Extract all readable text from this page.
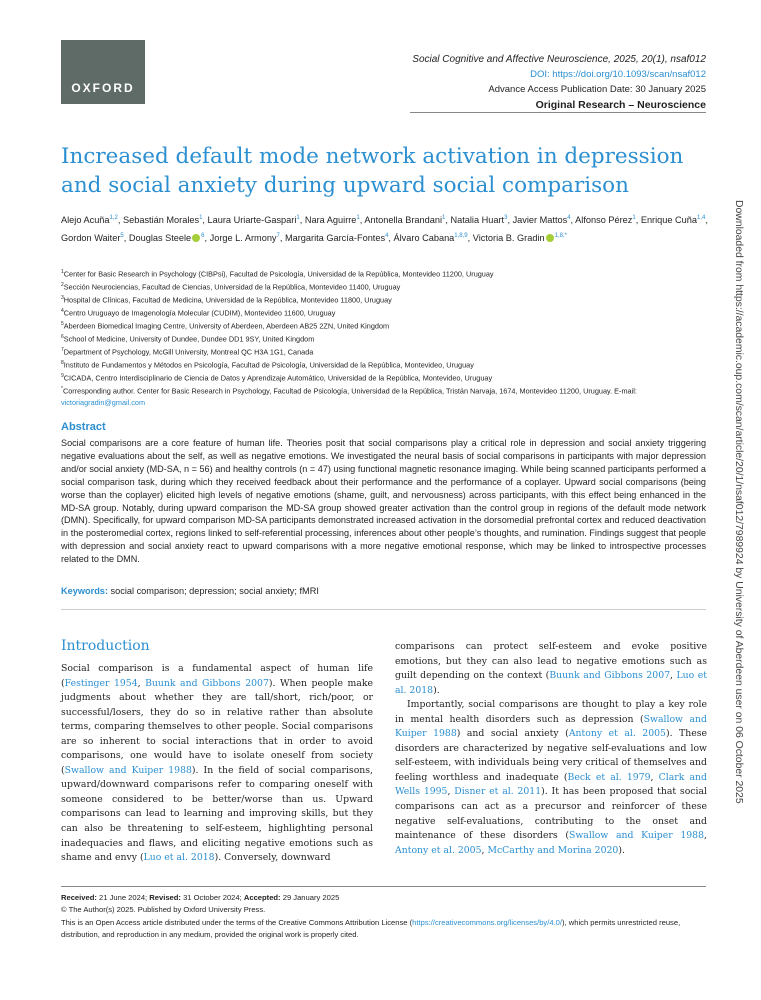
OXFORD
Social Cognitive and Affective Neuroscience, 2025, 20(1), nsaf012
DOI: https://doi.org/10.1093/scan/nsaf012
Advance Access Publication Date: 30 January 2025
Original Research – Neuroscience
Increased default mode network activation in depression and social anxiety during upward social comparison
Alejo Acuña$^{1,2}$, Sebastián Morales$^1$, Laura Uriarte-Gaspari$^1$, Nara Aguirre$^1$, Antonella Brandani$^1$, Natalia Huart$^3$, Javier Mattos$^4$, Alfonso Pérez$^1$, Enrique Cuña$^{1,4}$, Gordon Waiter$^5$, Douglas Steele $^6$, Jorge L. Armony$^7$, Margarita García-Fontes$^4$, Álvaro Cabana$^{1,8,9}$, Victoria B. Gradin $^{1,8,*}$
$^1$Center for Basic Research in Psychology (CIBPsi), Facultad de Psicología, Universidad de la República, Montevideo 11200, Uruguay
$^2$Sección Neurociencias, Facultad de Ciencias, Universidad de la República, Montevideo 11400, Uruguay
$^3$Hospital de Clínicas, Facultad de Medicina, Universidad de la República, Montevideo 11800, Uruguay
$^4$Centro Uruguayo de Imagenología Molecular (CUDIM), Montevideo 11600, Uruguay
$^5$Aberdeen Biomedical Imaging Centre, University of Aberdeen, Aberdeen AB25 2ZN, United Kingdom
$^6$School of Medicine, University of Dundee, Dundee DD1 9SY, United Kingdom
$^7$Department of Psychology, McGill University, Montreal QC H3A 1G1, Canada
$^8$Instituto de Fundamentos y Métodos en Psicología, Facultad de Psicología, Universidad de la República, Montevideo, Uruguay
$^9$CICADA, Centro Interdisciplinario de Ciencia de Datos y Aprendizaje Automático, Universidad de la República, Montevideo, Uruguay
*Corresponding author. Center for Basic Research in Psychology, Facultad de Psicología, Universidad de la República, Tristán Narvaja, 1674, Montevideo 11200, Uruguay. E-mail: victoriagradin@gmail.com
Abstract

Social comparisons are a core feature of human life. Theories posit that social comparisons play a critical role in depression and social anxiety triggering negative evaluations about the self, as well as negative emotions. We investigated the neural basis of social comparisons in participants with major depression and/or social anxiety (MD-SA, n = 56) and healthy controls (n = 47) using functional magnetic resonance imaging. While being scanned participants performed a social comparison task, during which they received feedback about their performance and the performance of a coplayer. Upward social comparisons (being worse than the coplayer) elicited high levels of negative emotions (shame, guilt, and nervousness) across participants, with this effect being enhanced in the MD-SA group. Notably, during upward comparison the MD-SA group showed greater activation than the control group in regions of the default mode network (DMN). Specifically, for upward comparison MD-SA participants demonstrated increased activation in the dorsomedial prefrontal cortex and reduced deactivation in the posteromedial cortex, regions linked to self-referential processing, inferences about other people’s thoughts, and rumination. Findings suggest that people with depression and social anxiety react to upward comparisons with a more negative emotional response, which may be linked to introspective processes related to the DMN.

Keywords: social comparison; depression; social anxiety; fMRI
Introduction

Social comparison is a fundamental aspect of human life (Festinger 1954, Buunk and Gibbons 2007). When people make judgments about whether they are tall/short, rich/poor, or successful/losers, they do so in relative rather than absolute terms, comparing themselves to other people. Social comparisons are so inherent to social interactions that in order to avoid comparisons, one would have to isolate oneself from society (Swallow and Kuiper 1988). In the field of social comparisons, upward/downward comparisons refer to comparing oneself with someone considered to be better/worse than us. Upward comparisons can lead to learning and improving skills, but they can also be threatening to self-esteem, highlighting personal inadequacies and flaws, and eliciting negative emotions such as shame and envy (Luo et al. 2018). Conversely, downward

comparisons can protect self-esteem and evoke positive emotions, but they can also lead to negative emotions such as guilt depending on the context (Buunk and Gibbons 2007, Luo et al. 2018).

Importantly, social comparisons are thought to play a key role in mental health disorders such as depression (Swallow and Kuiper 1988) and social anxiety (Antony et al. 2005). These disorders are characterized by negative self-evaluations and low self-esteem, with individuals being very critical of themselves and feeling worthless and inadequate (Beck et al. 1979, Clark and Wells 1995, Disner et al. 2011). It has been proposed that social comparisons can act as a precursor and reinforcer of these negative self-evaluations, contributing to the onset and maintenance of these disorders (Swallow and Kuiper 1988, Antony et al. 2005, McCarthy and Morina 2020).

Received: 21 June 2024; Revised: 31 October 2024; Accepted: 29 January 2025
© The Author(s) 2025. Published by Oxford University Press.
This is an Open Access article distributed under the terms of the Creative Commons Attribution License (https://creativecommons.org/licenses/by/4.0/), which permits unrestricted reuse, distribution, and reproduction in any medium, provided the original work is properly cited.
Downloaded from https://academic.oup.com/scan/article/20/1/nsaf012/7989924 by University of Aberdeen user on 06 October 2025
